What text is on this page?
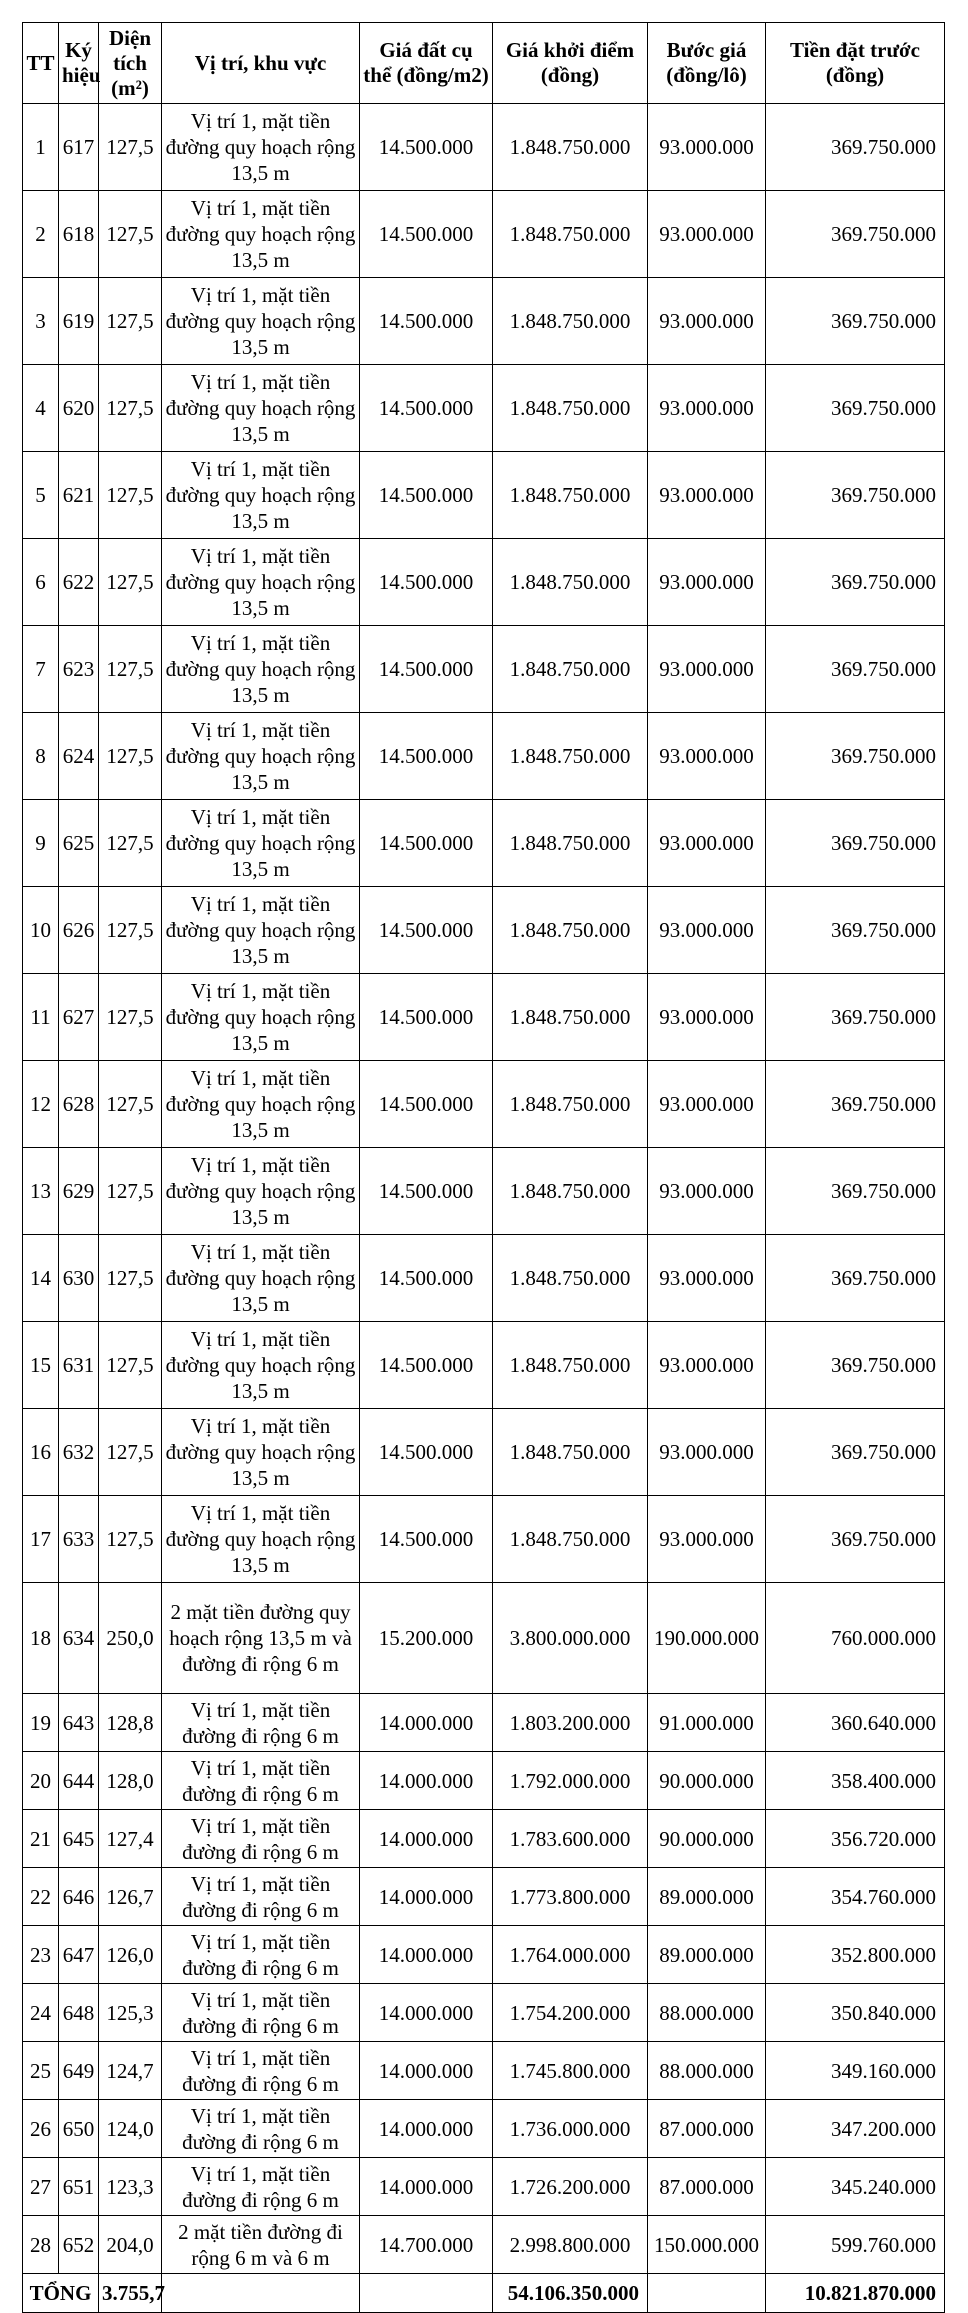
TT	Ký hiệu	Diện tích (m²)	Vị trí, khu vực	Giá đất cụ thể (đồng/m2)	Giá khởi điểm (đồng)	Bước giá (đồng/lô)	Tiền đặt trước (đồng)
1	617	127,5	Vị trí 1, mặt tiền đường quy hoạch rộng 13,5 m	14.500.000	1.848.750.000	93.000.000	369.750.000
2	618	127,5	Vị trí 1, mặt tiền đường quy hoạch rộng 13,5 m	14.500.000	1.848.750.000	93.000.000	369.750.000
3	619	127,5	Vị trí 1, mặt tiền đường quy hoạch rộng 13,5 m	14.500.000	1.848.750.000	93.000.000	369.750.000
4	620	127,5	Vị trí 1, mặt tiền đường quy hoạch rộng 13,5 m	14.500.000	1.848.750.000	93.000.000	369.750.000
5	621	127,5	Vị trí 1, mặt tiền đường quy hoạch rộng 13,5 m	14.500.000	1.848.750.000	93.000.000	369.750.000
6	622	127,5	Vị trí 1, mặt tiền đường quy hoạch rộng 13,5 m	14.500.000	1.848.750.000	93.000.000	369.750.000
7	623	127,5	Vị trí 1, mặt tiền đường quy hoạch rộng 13,5 m	14.500.000	1.848.750.000	93.000.000	369.750.000
8	624	127,5	Vị trí 1, mặt tiền đường quy hoạch rộng 13,5 m	14.500.000	1.848.750.000	93.000.000	369.750.000
9	625	127,5	Vị trí 1, mặt tiền đường quy hoạch rộng 13,5 m	14.500.000	1.848.750.000	93.000.000	369.750.000
10	626	127,5	Vị trí 1, mặt tiền đường quy hoạch rộng 13,5 m	14.500.000	1.848.750.000	93.000.000	369.750.000
11	627	127,5	Vị trí 1, mặt tiền đường quy hoạch rộng 13,5 m	14.500.000	1.848.750.000	93.000.000	369.750.000
12	628	127,5	Vị trí 1, mặt tiền đường quy hoạch rộng 13,5 m	14.500.000	1.848.750.000	93.000.000	369.750.000
13	629	127,5	Vị trí 1, mặt tiền đường quy hoạch rộng 13,5 m	14.500.000	1.848.750.000	93.000.000	369.750.000
14	630	127,5	Vị trí 1, mặt tiền đường quy hoạch rộng 13,5 m	14.500.000	1.848.750.000	93.000.000	369.750.000
15	631	127,5	Vị trí 1, mặt tiền đường quy hoạch rộng 13,5 m	14.500.000	1.848.750.000	93.000.000	369.750.000
16	632	127,5	Vị trí 1, mặt tiền đường quy hoạch rộng 13,5 m	14.500.000	1.848.750.000	93.000.000	369.750.000
17	633	127,5	Vị trí 1, mặt tiền đường quy hoạch rộng 13,5 m	14.500.000	1.848.750.000	93.000.000	369.750.000
18	634	250,0	2 mặt tiền đường quy hoạch rộng 13,5 m và đường đi rộng 6 m	15.200.000	3.800.000.000	190.000.000	760.000.000
19	643	128,8	Vị trí 1, mặt tiền đường đi rộng 6 m	14.000.000	1.803.200.000	91.000.000	360.640.000
20	644	128,0	Vị trí 1, mặt tiền đường đi rộng 6 m	14.000.000	1.792.000.000	90.000.000	358.400.000
21	645	127,4	Vị trí 1, mặt tiền đường đi rộng 6 m	14.000.000	1.783.600.000	90.000.000	356.720.000
22	646	126,7	Vị trí 1, mặt tiền đường đi rộng 6 m	14.000.000	1.773.800.000	89.000.000	354.760.000
23	647	126,0	Vị trí 1, mặt tiền đường đi rộng 6 m	14.000.000	1.764.000.000	89.000.000	352.800.000
24	648	125,3	Vị trí 1, mặt tiền đường đi rộng 6 m	14.000.000	1.754.200.000	88.000.000	350.840.000
25	649	124,7	Vị trí 1, mặt tiền đường đi rộng 6 m	14.000.000	1.745.800.000	88.000.000	349.160.000
26	650	124,0	Vị trí 1, mặt tiền đường đi rộng 6 m	14.000.000	1.736.000.000	87.000.000	347.200.000
27	651	123,3	Vị trí 1, mặt tiền đường đi rộng 6 m	14.000.000	1.726.200.000	87.000.000	345.240.000
28	652	204,0	2 mặt tiền đường đi rộng 6 m và 6 m	14.700.000	2.998.800.000	150.000.000	599.760.000
TỔNG		3.755,7			54.106.350.000		10.821.870.000
